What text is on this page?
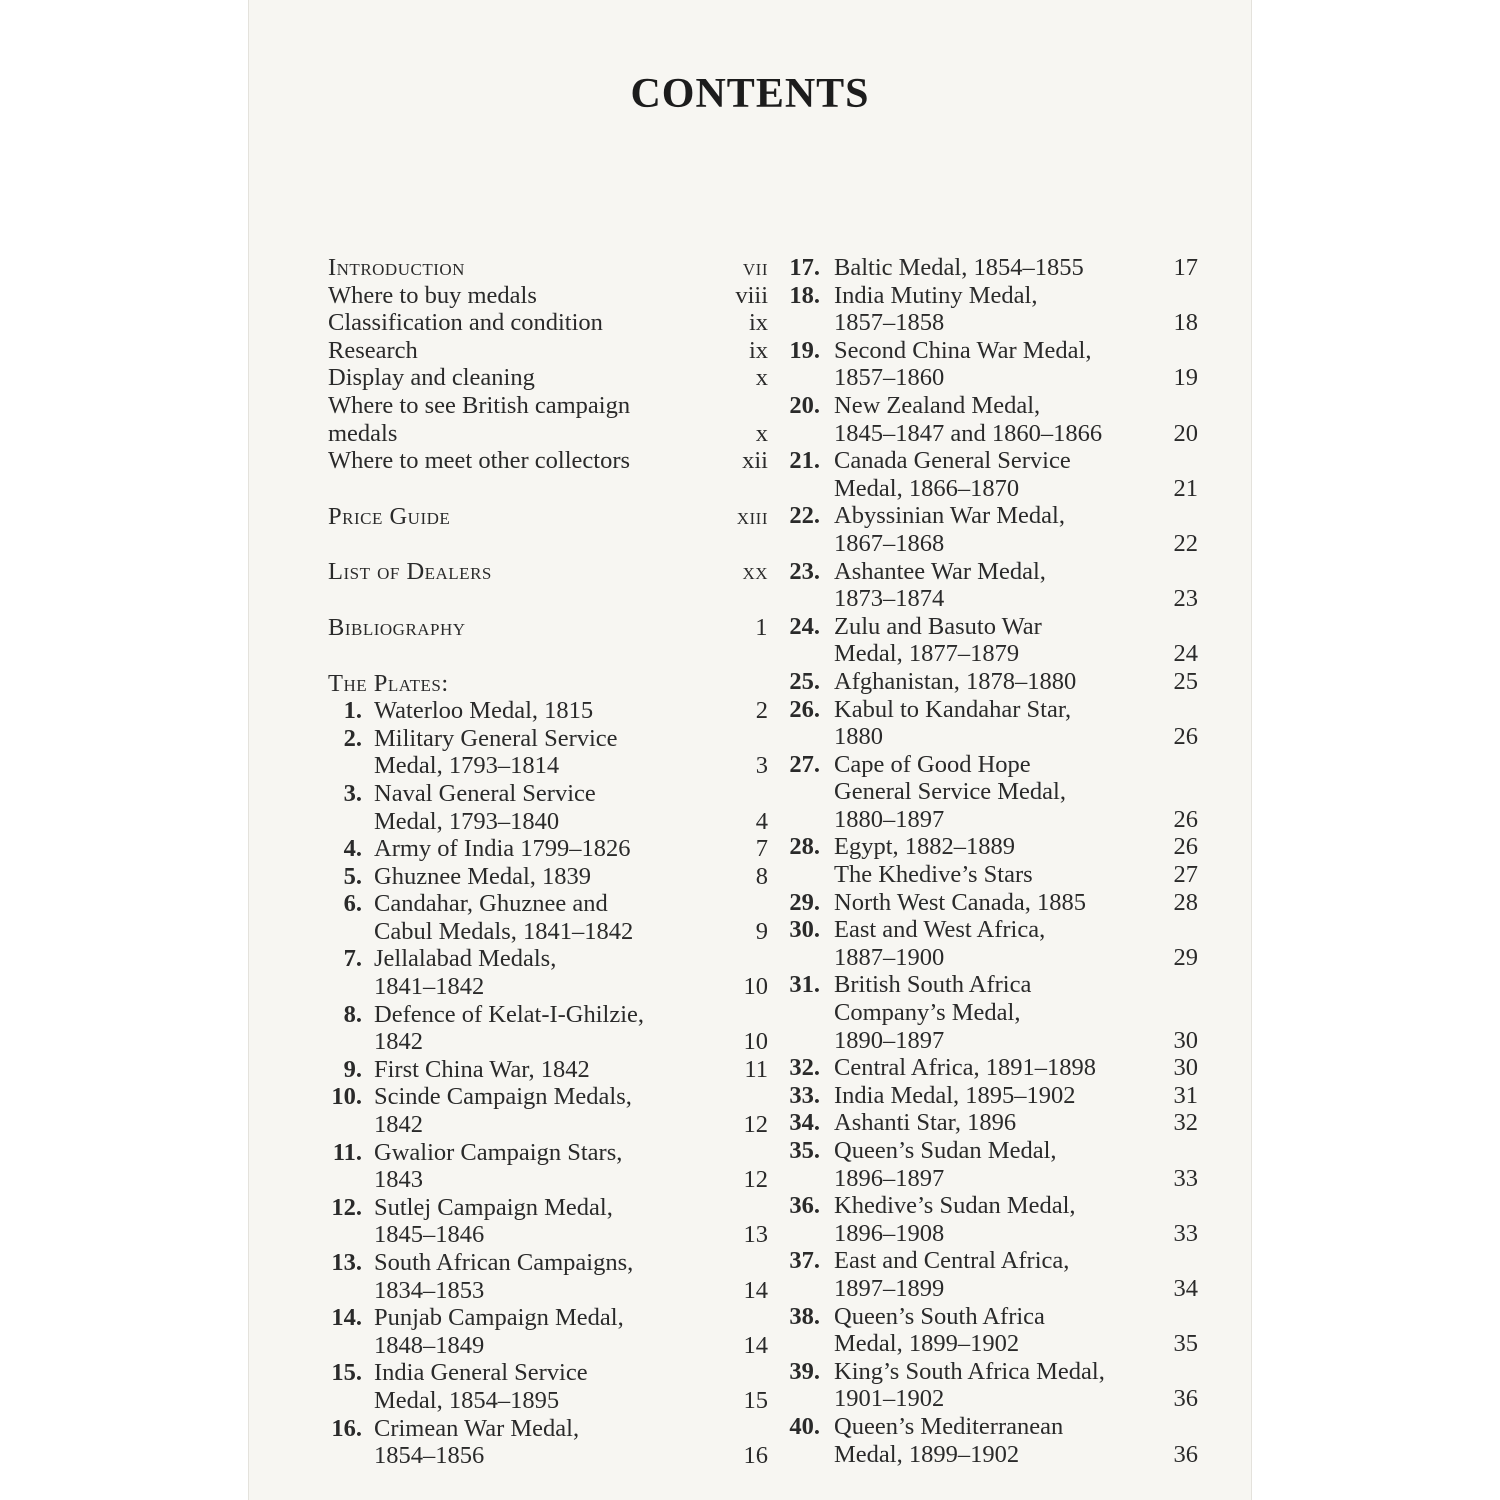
CONTENTS
Introduction	vii
Where to buy medals	viii
Classification and condition	ix
Research	ix
Display and cleaning	x
Where to see British campaign
medals	x
Where to meet other collectors	xii
Price Guide	xiii
List of Dealers	xx
Bibliography	1
The Plates:
1. Waterloo Medal, 1815	2
2. Military General Service
Medal, 1793–1814	3
3. Naval General Service
Medal, 1793–1840	4
4. Army of India 1799–1826	7
5. Ghuznee Medal, 1839	8
6. Candahar, Ghuznee and
Cabul Medals, 1841–1842	9
7. Jellalabad Medals,
1841–1842	10
8. Defence of Kelat-I-Ghilzie,
1842	10
9. First China War, 1842	11
10. Scinde Campaign Medals,
1842	12
11. Gwalior Campaign Stars,
1843	12
12. Sutlej Campaign Medal,
1845–1846	13
13. South African Campaigns,
1834–1853	14
14. Punjab Campaign Medal,
1848–1849	14
15. India General Service
Medal, 1854–1895	15
16. Crimean War Medal,
1854–1856	16
17. Baltic Medal, 1854–1855	17
18. India Mutiny Medal,
1857–1858	18
19. Second China War Medal,
1857–1860	19
20. New Zealand Medal,
1845–1847 and 1860–1866	20
21. Canada General Service
Medal, 1866–1870	21
22. Abyssinian War Medal,
1867–1868	22
23. Ashantee War Medal,
1873–1874	23
24. Zulu and Basuto War
Medal, 1877–1879	24
25. Afghanistan, 1878–1880	25
26. Kabul to Kandahar Star,
1880	26
27. Cape of Good Hope
General Service Medal,
1880–1897	26
28. Egypt, 1882–1889	26
The Khedive’s Stars	27
29. North West Canada, 1885	28
30. East and West Africa,
1887–1900	29
31. British South Africa
Company’s Medal,
1890–1897	30
32. Central Africa, 1891–1898	30
33. India Medal, 1895–1902	31
34. Ashanti Star, 1896	32
35. Queen’s Sudan Medal,
1896–1897	33
36. Khedive’s Sudan Medal,
1896–1908	33
37. East and Central Africa,
1897–1899	34
38. Queen’s South Africa
Medal, 1899–1902	35
39. King’s South Africa Medal,
1901–1902	36
40. Queen’s Mediterranean
Medal, 1899–1902	36
